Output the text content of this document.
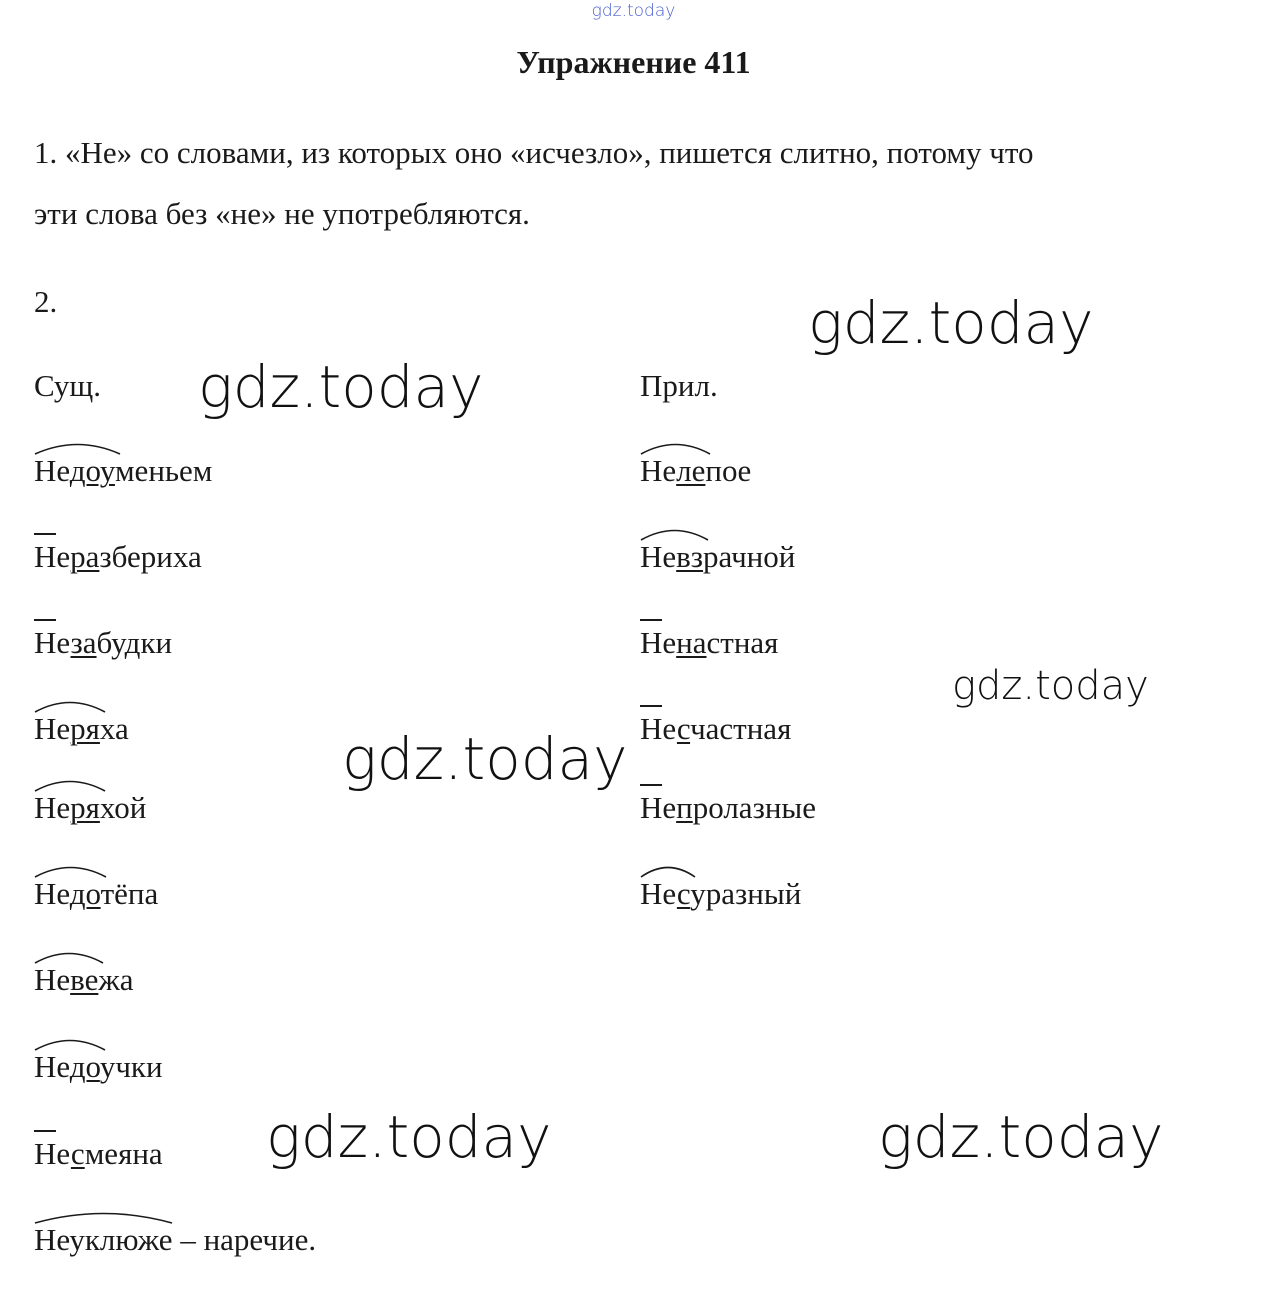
gdz.today
Упражнение 411
1. «Не» со словами, из которых оно «исчезло», пишется слитно, потому что
эти слова без «не» не употребляются.
2.
Сущ.	Прил.
Недоуменьем
Неразбериха
Незабудки
Неряха
Неряхой
Недотёпа
Невежа
Недоучки
Несмеяна
Неуклюже – наречие.
Нелепоe
Невзрачной
Ненастная
Несчастная
Непролазные
Несуразный
gdz.today
gdz.today
gdz.today
gdz.today
gdz.today	gdz.today
